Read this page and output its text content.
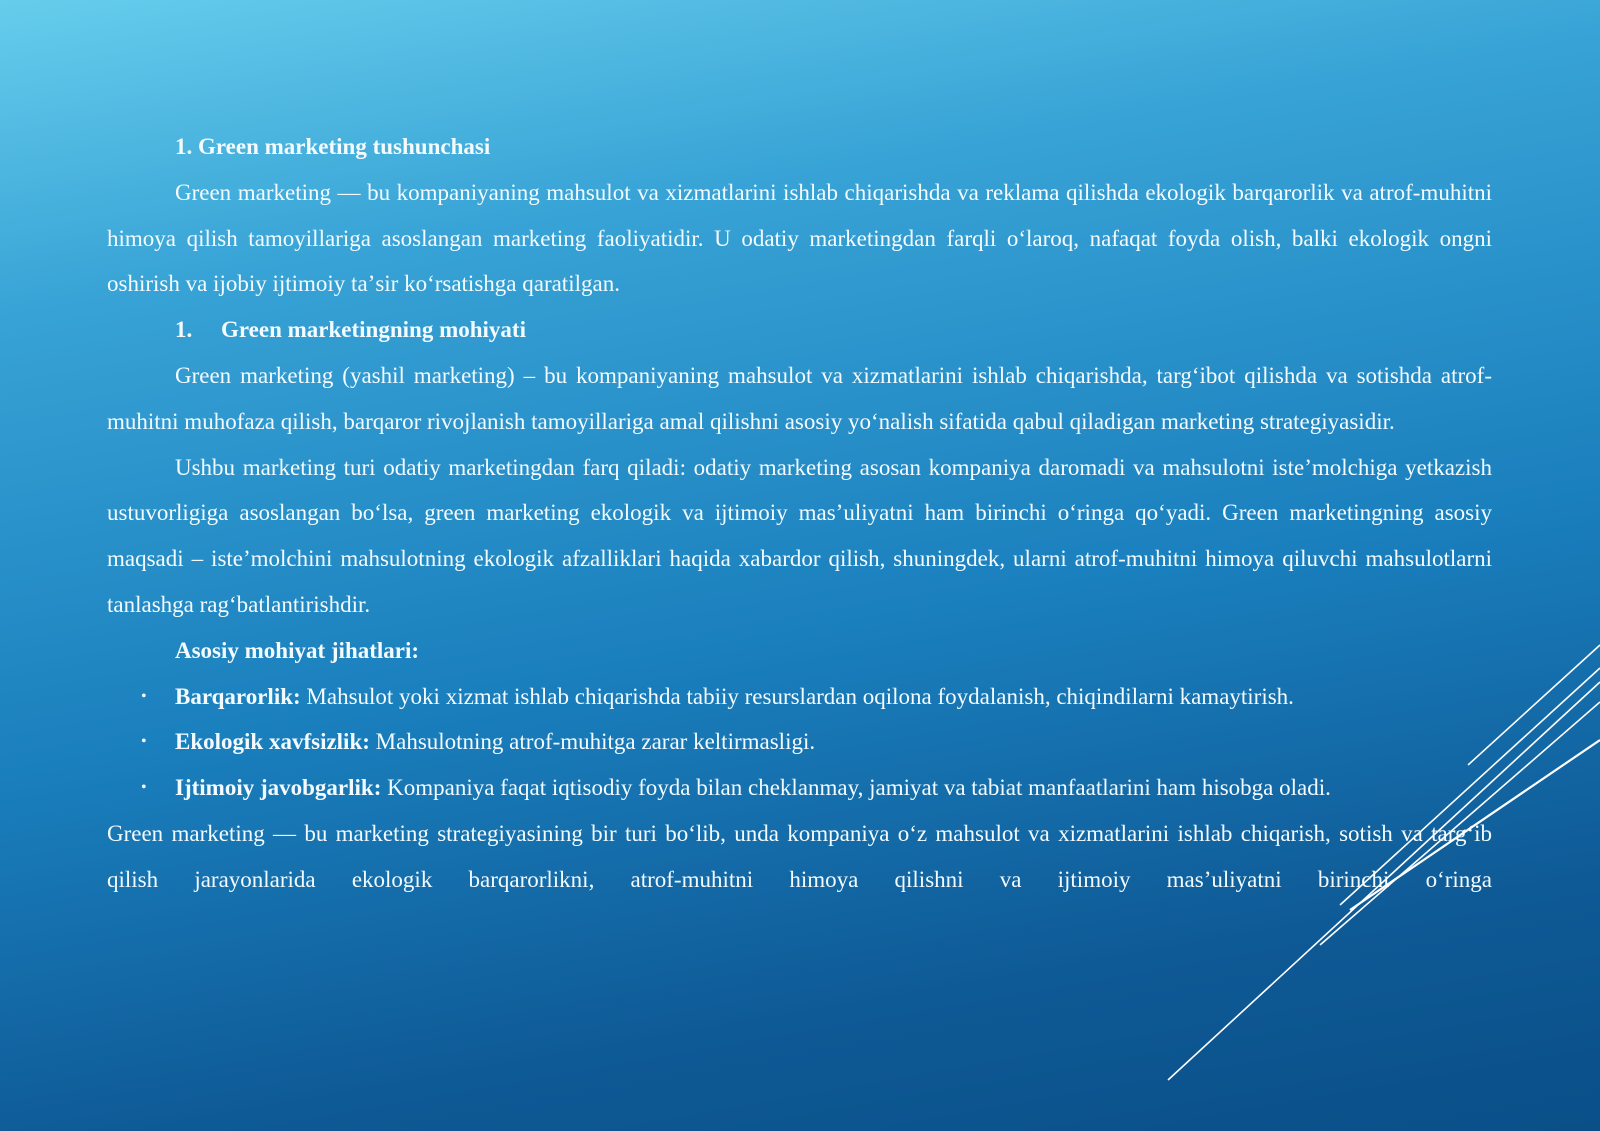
1. Green marketing tushunchasi

Green marketing — bu kompaniyaning mahsulot va xizmatlarini ishlab chiqarishda va reklama qilishda ekologik barqarorlik va atrof-muhitni himoya qilish tamoyillariga asoslangan marketing faoliyatidir. U odatiy marketingdan farqli oʻlaroq, nafaqat foyda olish, balki ekologik ongni oshirish va ijobiy ijtimoiy taʼsir koʻrsatishga qaratilgan.

1. Green marketingning mohiyati

Green marketing (yashil marketing) – bu kompaniyaning mahsulot va xizmatlarini ishlab chiqarishda, targʻibot qilishda va sotishda atrof-muhitni muhofaza qilish, barqaror rivojlanish tamoyillariga amal qilishni asosiy yoʻnalish sifatida qabul qiladigan marketing strategiyasidir.

Ushbu marketing turi odatiy marketingdan farq qiladi: odatiy marketing asosan kompaniya daromadi va mahsulotni isteʼmolchiga yetkazish ustuvorligiga asoslangan boʻlsa, green marketing ekologik va ijtimoiy masʼuliyatni ham birinchi oʻringa qoʻyadi. Green marketingning asosiy maqsadi – isteʼmolchini mahsulotning ekologik afzalliklari haqida xabardor qilish, shuningdek, ularni atrof-muhitni himoya qiluvchi mahsulotlarni tanlashga ragʻbatlantirishdir.

Asosiy mohiyat jihatlari:

• Barqarorlik: Mahsulot yoki xizmat ishlab chiqarishda tabiiy resurslardan oqilona foydalanish, chiqindilarni kamaytirish.
• Ekologik xavfsizlik: Mahsulotning atrof-muhitga zarar keltirmasligi.
• Ijtimoiy javobgarlik: Kompaniya faqat iqtisodiy foyda bilan cheklanmay, jamiyat va tabiat manfaatlarini ham hisobga oladi.

Green marketing — bu marketing strategiyasining bir turi boʻlib, unda kompaniya oʻz mahsulot va xizmatlarini ishlab chiqarish, sotish va targʻib qilish jarayonlarida ekologik barqarorlikni, atrof-muhitni himoya qilishni va ijtimoiy masʼuliyatni birinchi oʻringa
